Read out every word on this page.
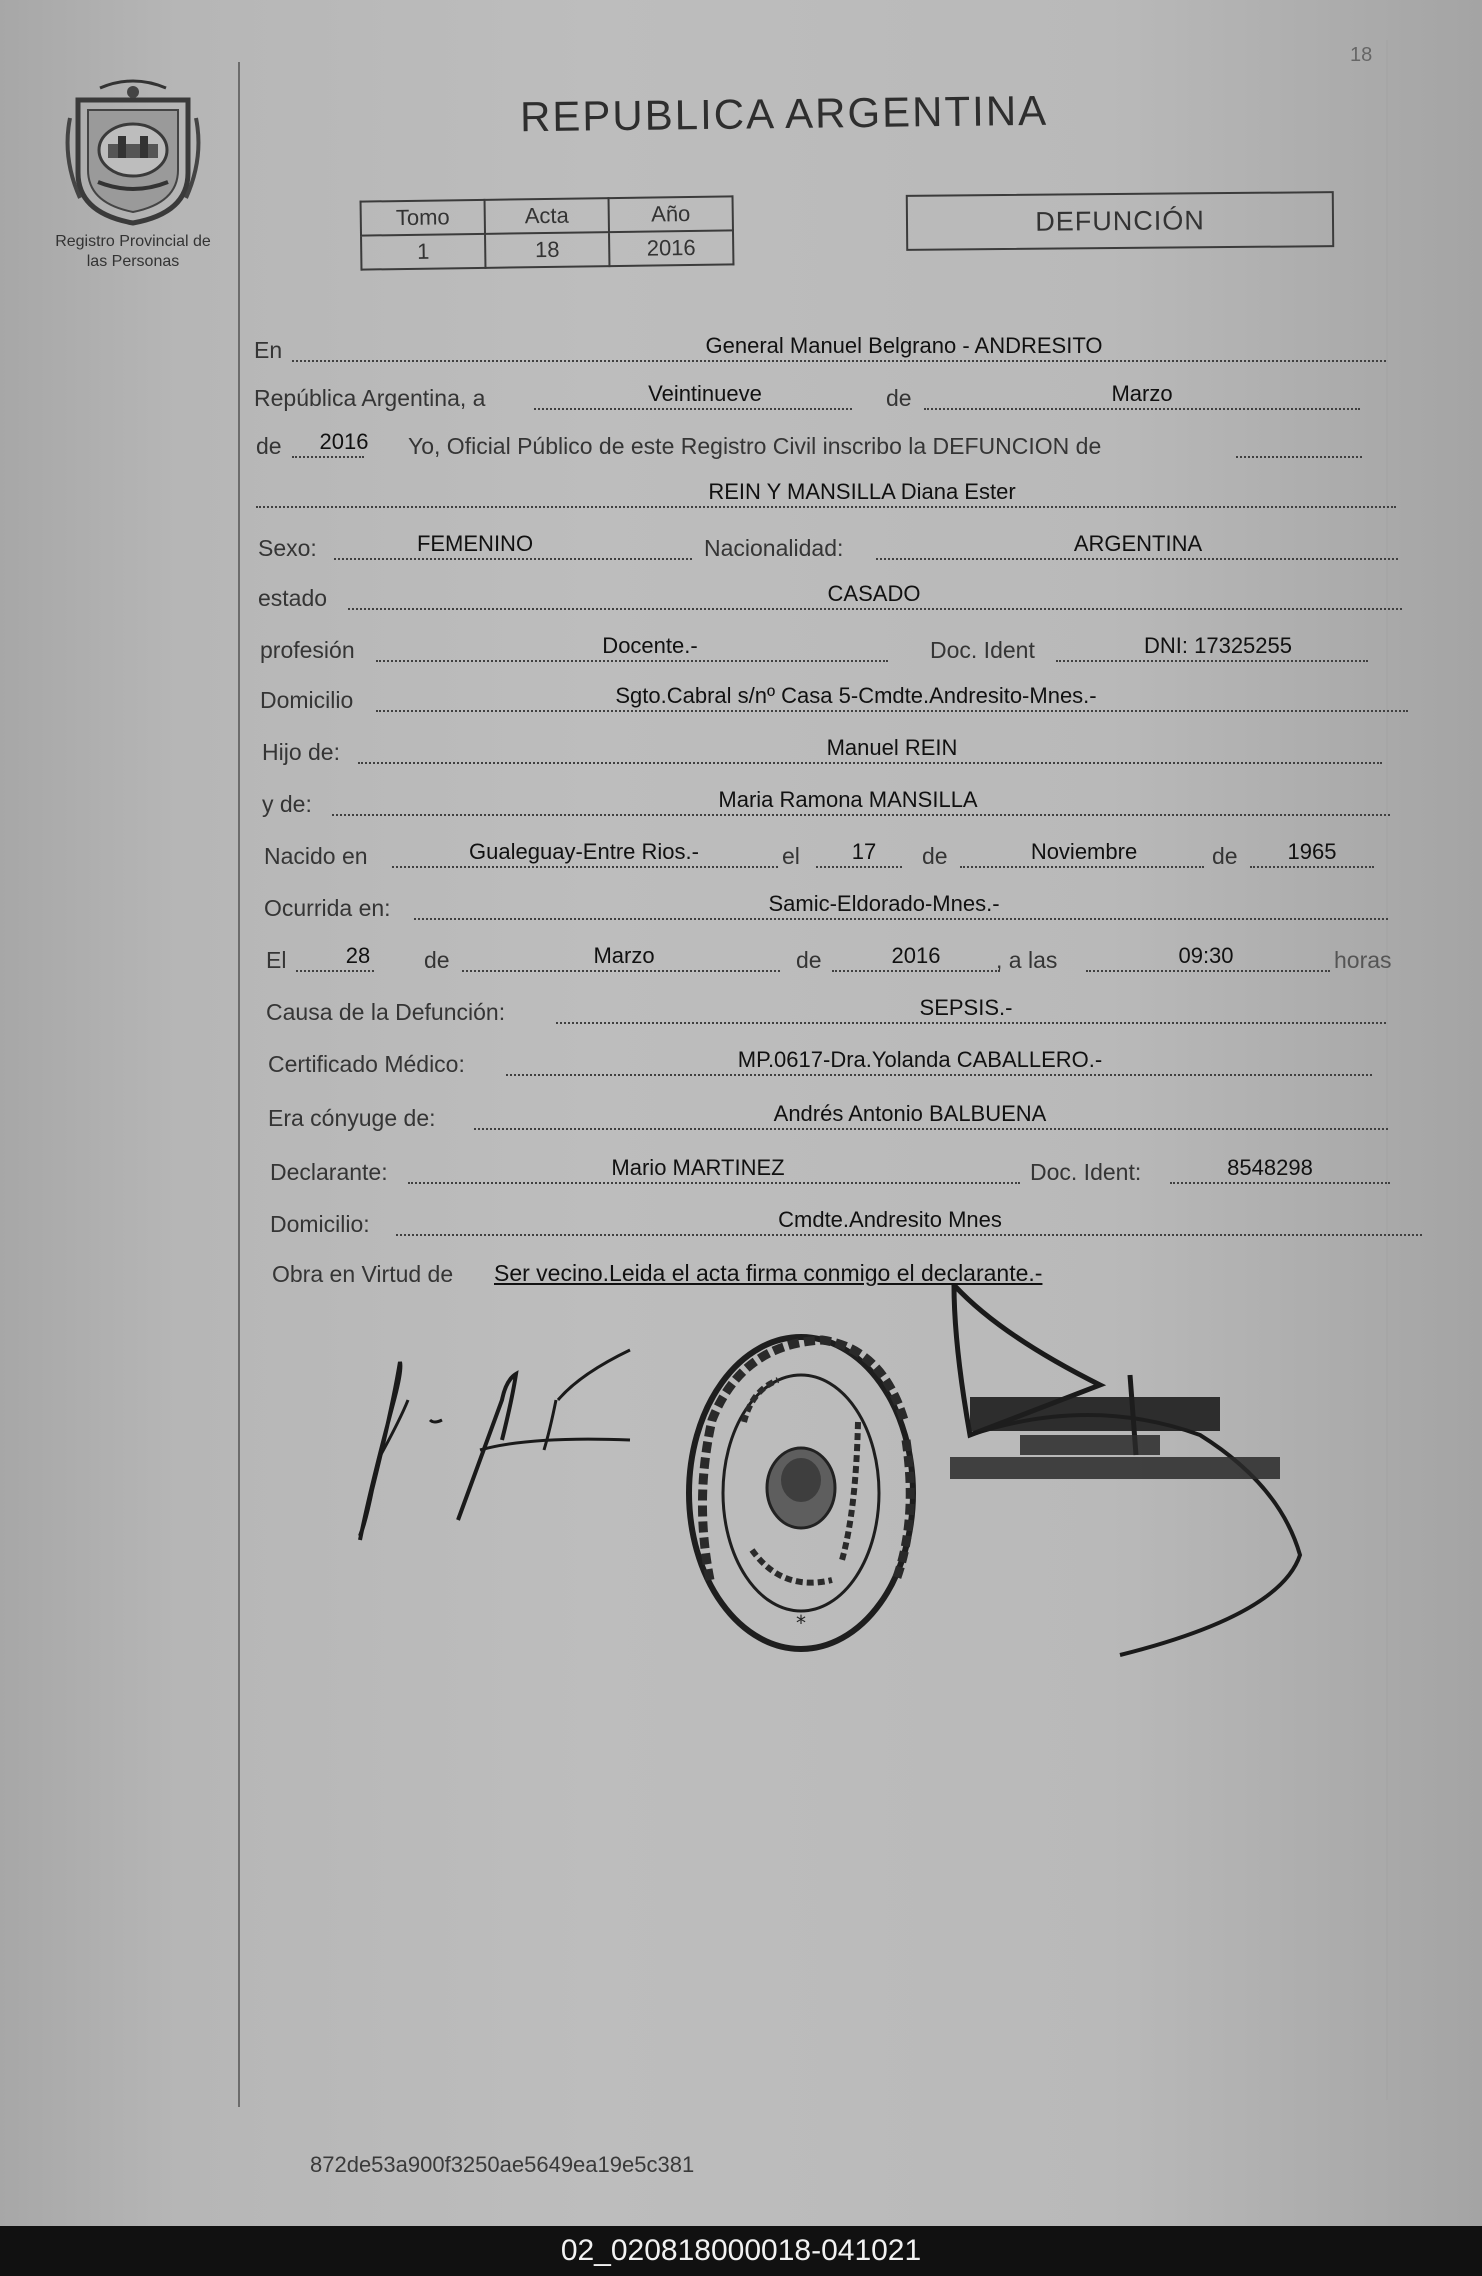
18
Registro Provincial de
las Personas
REPUBLICA ARGENTINA
Tomo	Acta	Año
1	18	2016
DEFUNCIÓN
En	General Manuel Belgrano - ANDRESITO
República Argentina, a	Veintinueve	de	Marzo
de 2016 Yo, Oficial Público de este Registro Civil inscribo la DEFUNCION de
REIN Y MANSILLA Diana Ester
Sexo:	FEMENINO	Nacionalidad:	ARGENTINA
estado	CASADO
profesión	Docente.-	Doc. Ident	DNI: 17325255
Domicilio	Sgto.Cabral s/nº Casa 5-Cmdte.Andresito-Mnes.-
Hijo de:	Manuel REIN
y de:	Maria Ramona MANSILLA
Nacido en	Gualeguay-Entre Rios.-	el 17 de	Noviembre	de 1965
Ocurrida en:	Samic-Eldorado-Mnes.-
El	28 de	Marzo	de	2016 , a las	09:30	horas
Causa de la Defunción:	SEPSIS.-
Certificado Médico:	MP.0617-Dra.Yolanda CABALLERO.-
Era cónyuge de:	Andrés Antonio BALBUENA
Declarante:	Mario MARTINEZ	Doc. Ident:	8548298
Domicilio:	Cmdte.Andresito Mnes
Obra en Virtud de Ser vecino.Leida el acta firma conmigo el declarante.-
*
872de53a900f3250ae5649ea19e5c381
02_020818000018-041021
